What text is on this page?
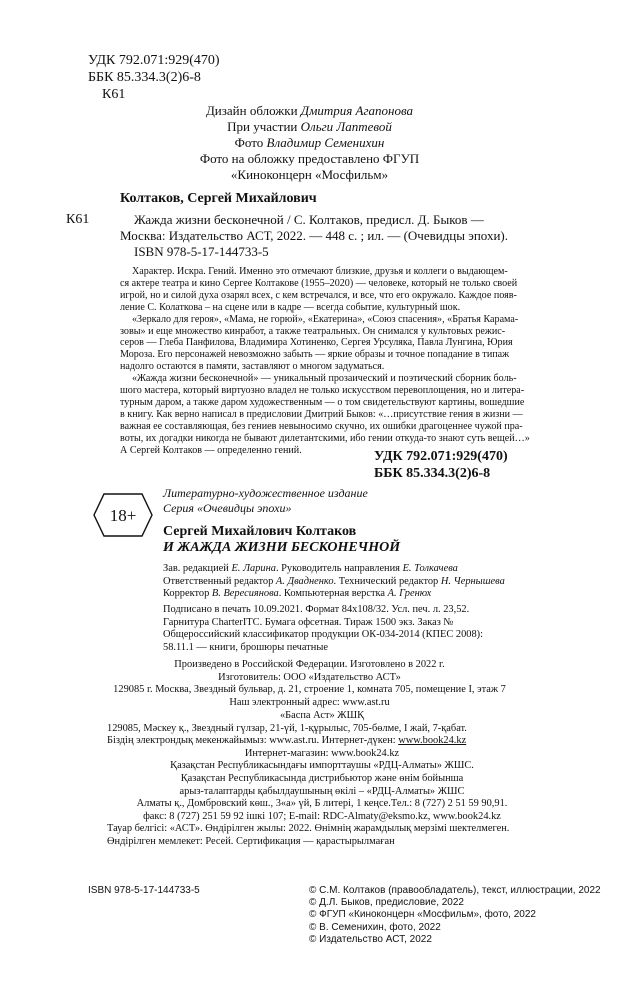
УДК 792.071:929(470)
ББК 85.334.3(2)6-8
К61
Дизайн обложки Дмитрия Агапонова
При участии Ольги Лаптевой
Фото Владимир Семенихин
Фото на обложку предоставлено ФГУП
«Киноконцерн «Мосфильм»
Колтаков, Сергей Михайлович
К61	Жажда жизни бесконечной / С. Колтаков, предисл. Д. Быков —
Москва: Издательство АСТ, 2022. — 448 с. ; ил. — (Очевидцы эпохи).
ISBN 978-5-17-144733-5
Характер. Искра. Гений. Именно это отмечают близкие, друзья и коллеги о выдающем-
ся актере театра и кино Сергее Колтакове (1955–2020) — человеке, который не только своей
игрой, но и силой духа озарял всех, с кем встречался, и все, что его окружало. Каждое появ-
ление С. Колаткова – на сцене или в кадре — всегда событие, культурный шок.
«Зеркало для героя», «Мама, не горюй», «Екатерина», «Союз спасения», «Братья Карама-
зовы» и еще множество кинработ, а также театральных. Он снимался у культовых режис-
серов — Глеба Панфилова, Владимира Хотиненко, Сергея Урсуляка, Павла Лунгина, Юрия
Мороза. Его персонажей невозможно забыть — яркие образы и точное попадание в типаж
надолго остаются в памяти, заставляют о многом задуматься.
«Жажда жизни бесконечной» — уникальный прозаический и поэтический сборник боль-
шого мастера, который виртуозно владел не только искусством перевоплощения, но и литера-
турным даром, а также даром художественным — о том свидетельствуют картины, вошедшие
в книгу. Как верно написал в предисловии Дмитрий Быков: «…присутствие гения в жизни —
важная ее составляющая, без гениев невыносимо скучно, их ошибки драгоценнее чужой пра-
воты, их догадки никогда не бывают дилетантскими, ибо гении откуда-то знают суть вещей…»
А Сергей Колтаков — определенно гений.	УДК 792.071:929(470)
ББК 85.334.3(2)6-8
18+
Литературно-художественное издание
Серия «Очевидцы эпохи»
Сергей Михайлович Колтаков
И ЖАЖДА ЖИЗНИ БЕСКОНЕЧНОЙ
Зав. редакцией Е. Ларина. Руководитель направления Е. Толкачева
Ответственный редактор А. Двадненко. Технический редактор Н. Чернышева
Корректор В. Вересиянова. Компьютерная верстка А. Гренюх
Подписано в печать 10.09.2021. Формат 84x108/32. Усл. печ. л. 23,52.
Гарнитура CharterITC. Бумага офсетная. Тираж 1500 экз. Заказ №
Общероссийский классификатор продукции ОК-034-2014 (КПЕС 2008):
58.11.1 — книги, брошюры печатные
Произведено в Российской Федерации. Изготовлено в 2022 г.
Изготовитель: ООО «Издательство АСТ»
129085 г. Москва, Звездный бульвар, д. 21, строение 1, комната 705, помещение I, этаж 7
Наш электронный адрес: www.ast.ru
«Баспа Аст» ЖШҚ
129085, Мәскеу қ., Звездный гүлзар, 21-үй, 1-құрылыс, 705-бөлме, I жай, 7-қабат.
Біздің электрондық мекенжайымыз: www.ast.ru. Интернет-дүкен: www.book24.kz
Интернет-магазин: www.book24.kz
Қазақстан Республикасындағы импорттаушы «РДЦ-Алматы» ЖШС.
Қазақстан Республикасында дистрибьютор және өнім бойынша
арыз-талаптарды қабылдаушының өкілі – «РДЦ-Алматы» ЖШС
Алматы қ., Домбровский көш., 3«а» үй, Б литері, 1 кеңсе.Тел.: 8 (727) 2 51 59 90,91.
факс: 8 (727) 251 59 92 ішкі 107; E-mail: RDC-Almaty@eksmo.kz, www.book24.kz
Тауар белгісі: «АСТ». Өндірілген жылы: 2022. Өнімнің жарамдылық мерзімі шектелмеген.
Өндірілген мемлекет: Ресей. Сертификация — қарастырылмаған
ISBN 978-5-17-144733-5	© С.М. Колтаков (правообладатель), текст, иллюстрации, 2022
© Д.Л. Быков, предисловие, 2022
© ФГУП «Киноконцерн «Мосфильм», фото, 2022
© В. Семенихин, фото, 2022
© Издательство АСТ, 2022
